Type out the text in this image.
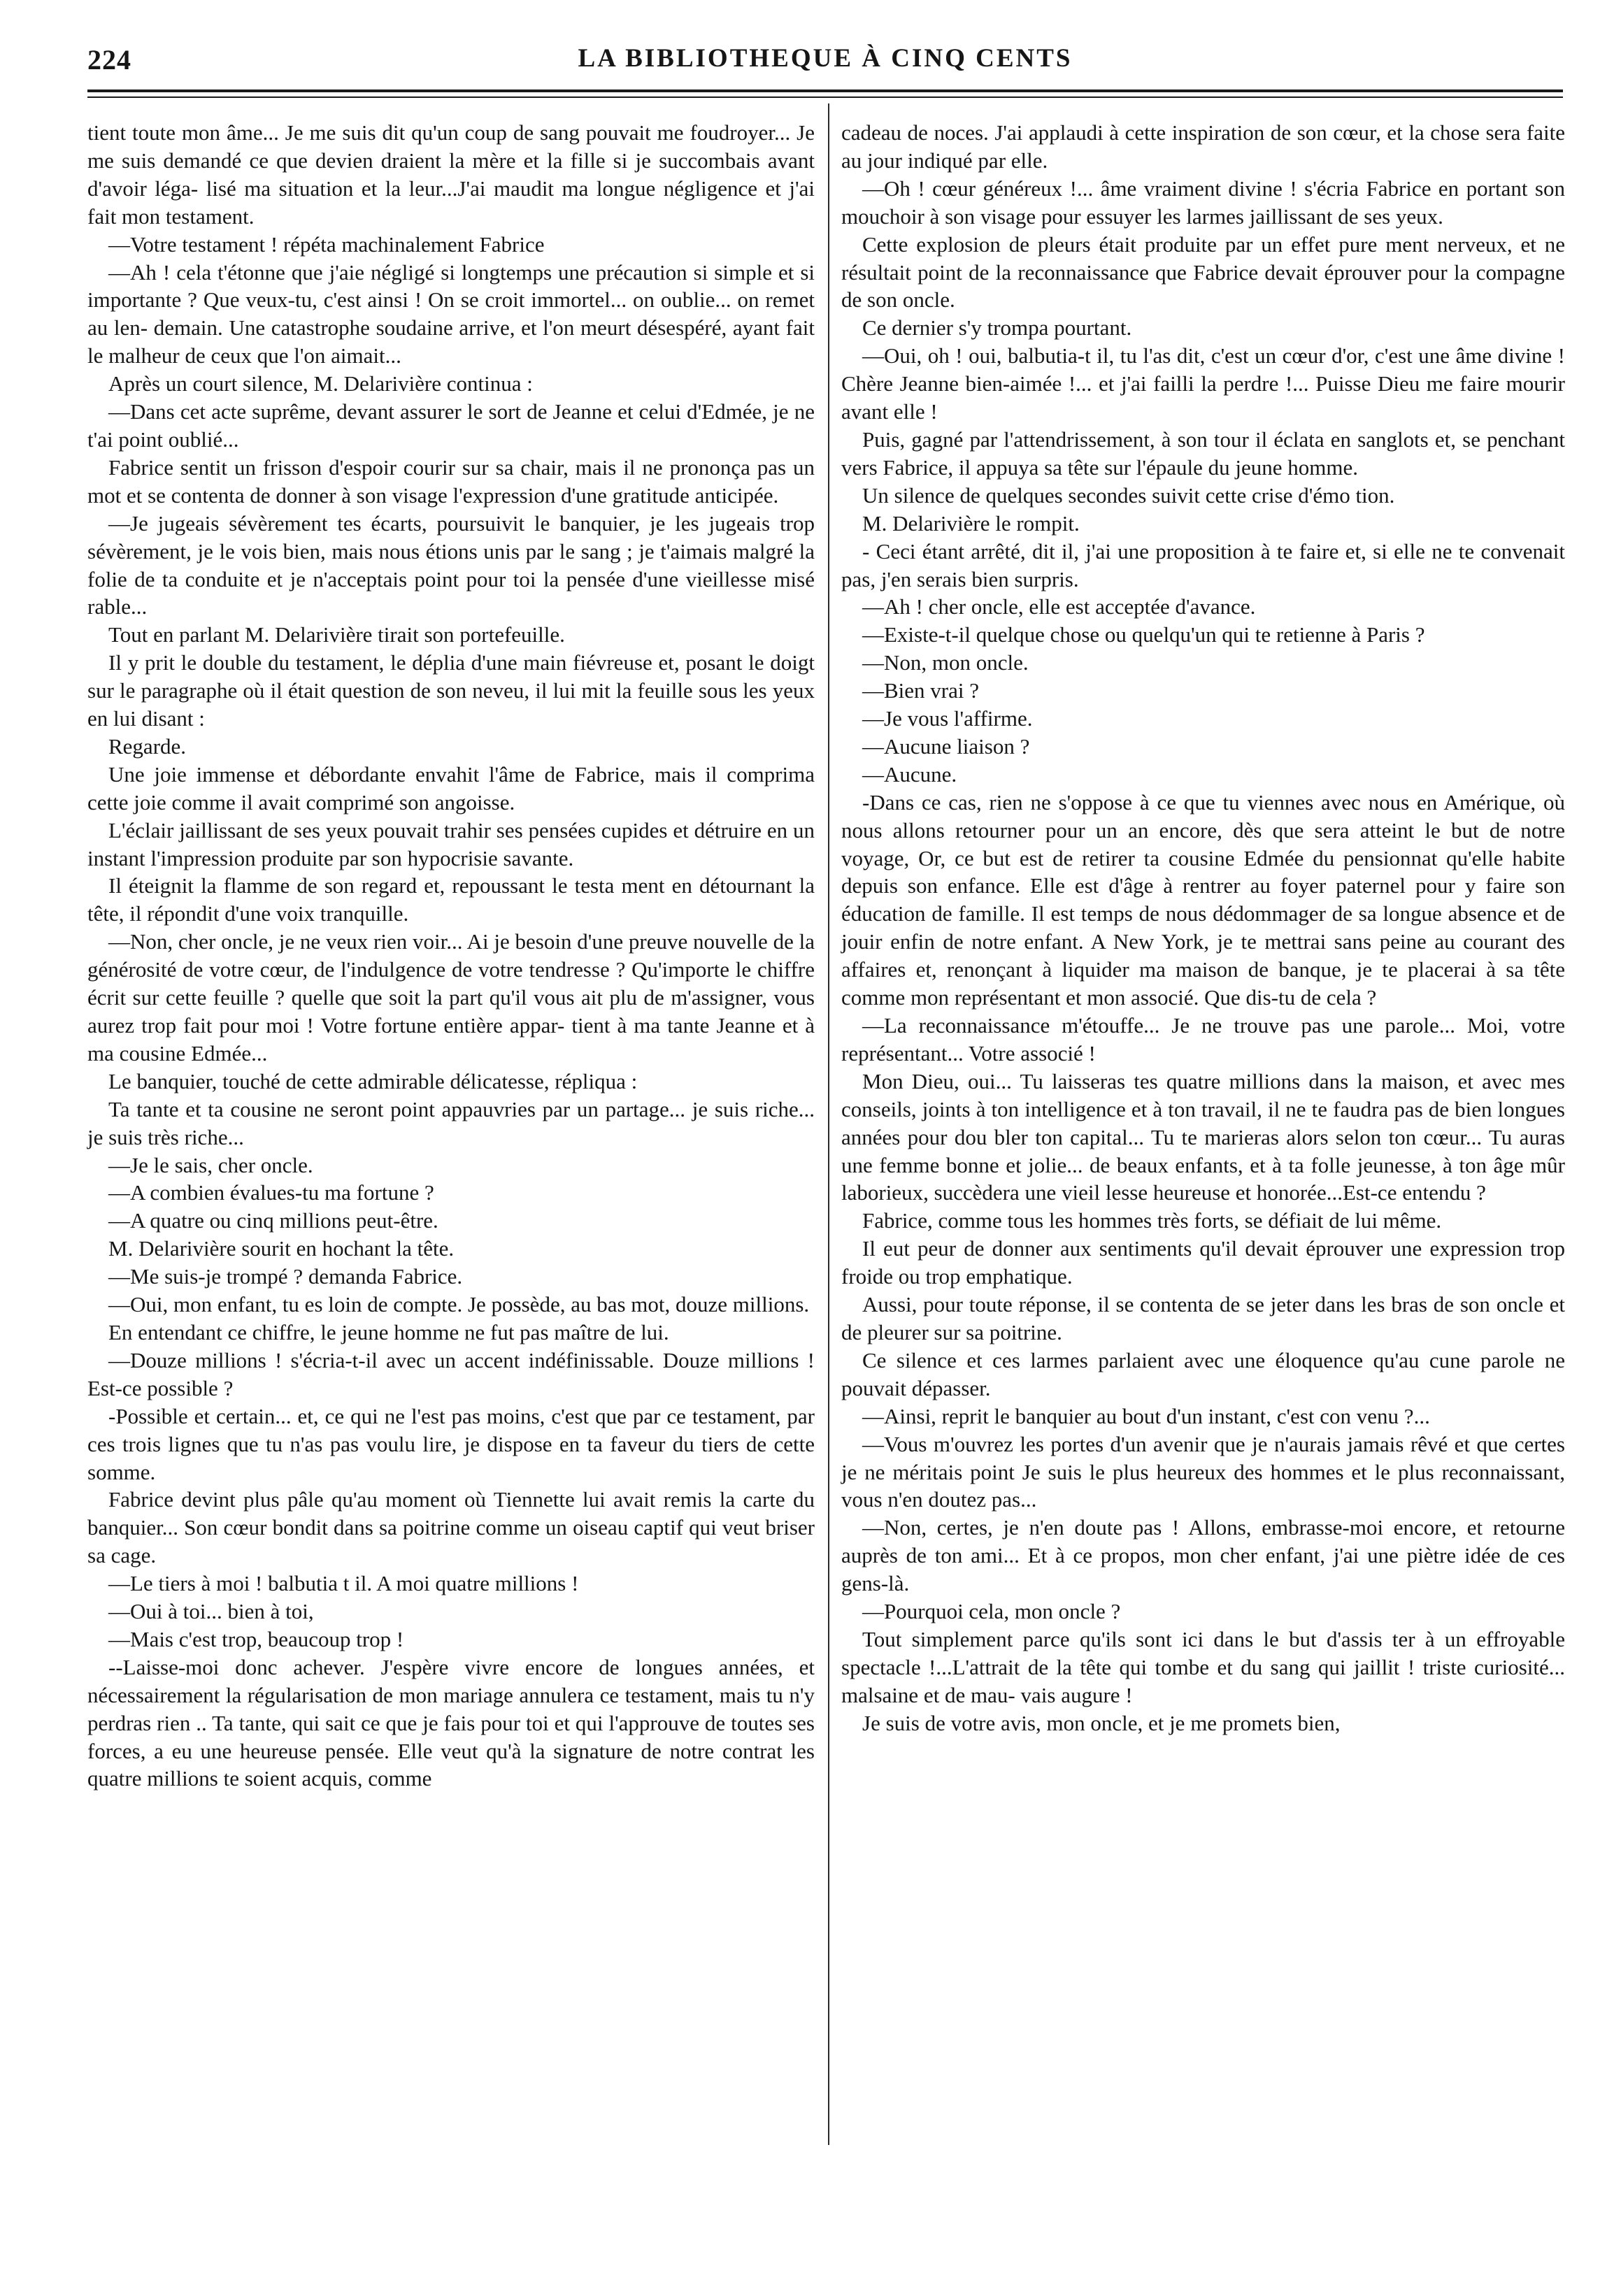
224	LA BIBLIOTHEQUE À CINQ CENTS

tient toute mon âme... Je me suis dit qu'un coup de sang pouvait me foudroyer... Je me suis demandé ce que devien draient la mère et la fille si je succombais avant d'avoir léga- lisé ma situation et la leur...J'ai maudit ma longue négligence et j'ai fait mon testament.

—Votre testament ! répéta machinalement Fabrice

—Ah ! cela t'étonne que j'aie négligé si longtemps une précaution si simple et si importante ? Que veux-tu, c'est ainsi ! On se croit immortel... on oublie... on remet au len- demain. Une catastrophe soudaine arrive, et l'on meurt désespéré, ayant fait le malheur de ceux que l'on aimait...

Après un court silence, M. Delarivière continua :

—Dans cet acte suprême, devant assurer le sort de Jeanne et celui d'Edmée, je ne t'ai point oublié...

Fabrice sentit un frisson d'espoir courir sur sa chair, mais il ne prononça pas un mot et se contenta de donner à son visage l'expression d'une gratitude anticipée.

—Je jugeais sévèrement tes écarts, poursuivit le banquier, je les jugeais trop sévèrement, je le vois bien, mais nous étions unis par le sang ; je t'aimais malgré la folie de ta conduite et je n'acceptais point pour toi la pensée d'une vieillesse misé rable...

Tout en parlant M. Delarivière tirait son portefeuille.

Il y prit le double du testament, le déplia d'une main fiévreuse et, posant le doigt sur le paragraphe où il était question de son neveu, il lui mit la feuille sous les yeux en lui disant :

Regarde.

Une joie immense et débordante envahit l'âme de Fabrice, mais il comprima cette joie comme il avait comprimé son angoisse.

L'éclair jaillissant de ses yeux pouvait trahir ses pensées cupides et détruire en un instant l'impression produite par son hypocrisie savante.

Il éteignit la flamme de son regard et, repoussant le testa ment en détournant la tête, il répondit d'une voix tranquille.

—Non, cher oncle, je ne veux rien voir... Ai je besoin d'une preuve nouvelle de la générosité de votre cœur, de l'indulgence de votre tendresse ? Qu'importe le chiffre écrit sur cette feuille ? quelle que soit la part qu'il vous ait plu de m'assigner, vous aurez trop fait pour moi ! Votre fortune entière appar- tient à ma tante Jeanne et à ma cousine Edmée...

Le banquier, touché de cette admirable délicatesse, répliqua :

Ta tante et ta cousine ne seront point appauvries par un partage... je suis riche... je suis très riche...

—Je le sais, cher oncle.

—A combien évalues-tu ma fortune ?

—A quatre ou cinq millions peut-être.

M. Delarivière sourit en hochant la tête.

—Me suis-je trompé ? demanda Fabrice.

—Oui, mon enfant, tu es loin de compte. Je possède, au bas mot, douze millions.

En entendant ce chiffre, le jeune homme ne fut pas maître de lui.

—Douze millions ! s'écria-t-il avec un accent indéfinissable. Douze millions ! Est-ce possible ?

-Possible et certain... et, ce qui ne l'est pas moins, c'est que par ce testament, par ces trois lignes que tu n'as pas voulu lire, je dispose en ta faveur du tiers de cette somme.

Fabrice devint plus pâle qu'au moment où Tiennette lui avait remis la carte du banquier... Son cœur bondit dans sa poitrine comme un oiseau captif qui veut briser sa cage.

—Le tiers à moi ! balbutia t il. A moi quatre millions !

—Oui à toi... bien à toi,

—Mais c'est trop, beaucoup trop !

--Laisse-moi donc achever. J'espère vivre encore de longues années, et nécessairement la régularisation de mon mariage annulera ce testament, mais tu n'y perdras rien .. Ta tante, qui sait ce que je fais pour toi et qui l'approuve de toutes ses forces, a eu une heureuse pensée. Elle veut qu'à la signature de notre contrat les quatre millions te soient acquis, comme

cadeau de noces. J'ai applaudi à cette inspiration de son cœur, et la chose sera faite au jour indiqué par elle.

—Oh ! cœur généreux !... âme vraiment divine ! s'écria Fabrice en portant son mouchoir à son visage pour essuyer les larmes jaillissant de ses yeux.

Cette explosion de pleurs était produite par un effet pure ment nerveux, et ne résultait point de la reconnaissance que Fabrice devait éprouver pour la compagne de son oncle.

Ce dernier s'y trompa pourtant.

—Oui, oh ! oui, balbutia-t il, tu l'as dit, c'est un cœur d'or, c'est une âme divine ! Chère Jeanne bien-aimée !... et j'ai failli la perdre !... Puisse Dieu me faire mourir avant elle !

Puis, gagné par l'attendrissement, à son tour il éclata en sanglots et, se penchant vers Fabrice, il appuya sa tête sur l'épaule du jeune homme.

Un silence de quelques secondes suivit cette crise d'émo tion.

M. Delarivière le rompit.

- Ceci étant arrêté, dit il, j'ai une proposition à te faire et, si elle ne te convenait pas, j'en serais bien surpris.

—Ah ! cher oncle, elle est acceptée d'avance.

—Existe-t-il quelque chose ou quelqu'un qui te retienne à Paris ?

—Non, mon oncle.

—Bien vrai ?

—Je vous l'affirme.

—Aucune liaison ?

—Aucune.

-Dans ce cas, rien ne s'oppose à ce que tu viennes avec nous en Amérique, où nous allons retourner pour un an encore, dès que sera atteint le but de notre voyage, Or, ce but est de retirer ta cousine Edmée du pensionnat qu'elle habite depuis son enfance. Elle est d'âge à rentrer au foyer paternel pour y faire son éducation de famille. Il est temps de nous dédommager de sa longue absence et de jouir enfin de notre enfant. A New York, je te mettrai sans peine au courant des affaires et, renonçant à liquider ma maison de banque, je te placerai à sa tête comme mon représentant et mon associé. Que dis-tu de cela ?

—La reconnaissance m'étouffe... Je ne trouve pas une parole... Moi, votre représentant... Votre associé !

Mon Dieu, oui... Tu laisseras tes quatre millions dans la maison, et avec mes conseils, joints à ton intelligence et à ton travail, il ne te faudra pas de bien longues années pour dou bler ton capital... Tu te marieras alors selon ton cœur... Tu auras une femme bonne et jolie... de beaux enfants, et à ta folle jeunesse, à ton âge mûr laborieux, succèdera une vieil lesse heureuse et honorée...Est-ce entendu ?

Fabrice, comme tous les hommes très forts, se défiait de lui même.

Il eut peur de donner aux sentiments qu'il devait éprouver une expression trop froide ou trop emphatique.

Aussi, pour toute réponse, il se contenta de se jeter dans les bras de son oncle et de pleurer sur sa poitrine.

Ce silence et ces larmes parlaient avec une éloquence qu'au cune parole ne pouvait dépasser.

—Ainsi, reprit le banquier au bout d'un instant, c'est con venu ?...

—Vous m'ouvrez les portes d'un avenir que je n'aurais jamais rêvé et que certes je ne méritais point Je suis le plus heureux des hommes et le plus reconnaissant, vous n'en doutez pas...

—Non, certes, je n'en doute pas ! Allons, embrasse-moi encore, et retourne auprès de ton ami... Et à ce propos, mon cher enfant, j'ai une piètre idée de ces gens-là.

—Pourquoi cela, mon oncle ?

Tout simplement parce qu'ils sont ici dans le but d'assis ter à un effroyable spectacle !...L'attrait de la tête qui tombe et du sang qui jaillit ! triste curiosité... malsaine et de mau- vais augure !

Je suis de votre avis, mon oncle, et je me promets bien,
